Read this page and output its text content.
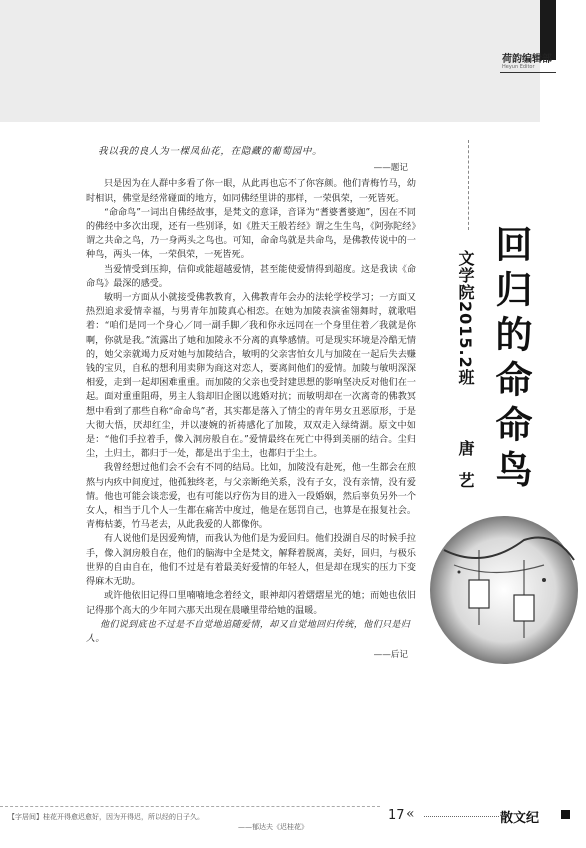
荷韵编辑部
Heyun Editor
回归的命命鸟
文学院2015.2班
唐艺

我以我的良人为一棵凤仙花，在隐藏的葡萄园中。

——题记

只是因为在人群中多看了你一眼，从此再也忘不了你容颜。他们青梅竹马，幼时相识，佛堂是经常碰面的地方，如同佛经里讲的那样，一荣俱荣，一死皆死。

“命命鸟”一词出自佛经故事，是梵文的意译，音译为“耆婆耆婆迦”，因在不同的佛经中多次出现，还有一些别译，如《胜天王般若经》谓之生生鸟，《阿弥陀经》谓之共命之鸟，乃一身两头之鸟也。可知，命命鸟就是共命鸟，是佛教传说中的一种鸟，两头一体，一荣俱荣，一死皆死。

当爱情受到压抑，信仰或能超越爱情，甚至能使爱情得到超度。这是我读《命命鸟》最深的感受。

敏明一方面从小就接受佛教教育，入佛教青年会办的法轮学校学习；一方面又热烈追求爱情幸福，与男青年加陵真心相恋。在她为加陵表演雀翎舞时，就歌唱着：“咱们是同一个身心／同一副手脚／我和你永远同在一个身里住着／我就是你啊，你就是我。”流露出了她和加陵永不分离的真挚感情。可是现实环境是冷酷无情的，她父亲就竭力反对她与加陵结合，敏明的父亲害怕女儿与加陵在一起后失去赚钱的宝贝，自私的想利用卖卵为商这对恋人，要离间他们的爱情。加陵与敏明深深相爱，走到一起却困难重重。而加陵的父亲也受封建思想的影响坚决反对他们在一起。面对重重阻碍，男主人翁却旧企图以逃婚对抗；而敏明却在一次离奇的佛教冥想中看到了那些自称“命命鸟”者，其实都是落入了情尘的青年男女丑恶原形，于是大彻大悟，厌却红尘，并以凄婉的祈祷感化了加陵，双双走入绿绮湖。原文中如是：“他们手拉着手，像入洞房般自在。”爱情最终在死亡中得到美丽的结合。尘归尘，土归土，都归于一处，都是出于尘土，也都归于尘土。

我曾经想过他们会不会有不同的结局。比如，加陵没有赴死，他一生都会在煎熬与内疚中间度过，他孤独终老，与父亲断绝关系，没有子女，没有亲情，没有爱情。他也可能会谈恋爱，也有可能以疗伤为目的进入一段婚姻，然后辜负另外一个女人，相当于几个人一生都在痛苦中度过，他是在惩罚自己，也算是在报复社会。青梅枯萎，竹马老去，从此我爱的人都像你。

有人说他们是因爱殉情，而我认为他们是为爱回归。他们投湖自尽的时候手拉手，像入洞房般自在，他们的脑海中全是梵文，解释着脱离，美好，回归，与极乐世界的自由自在，他们不过是有着最美好爱情的年轻人，但是却在现实的压力下变得麻木无助。

或许他依旧记得口里喃喃地念着经文，眼神却闪着熠熠星光的她；而她也依旧记得那个高大的少年同六那天出现在晨曦里带给她的温暖。

他们说到底也不过是不自觉地追随爱情，却又自觉地回归传统，他们只是归人。

——后记

【字居间】桂花开得愈迟愈好，因为开得迟，所以经的日子久。
——郁达夫《迟桂花》
17 «	散文纪
